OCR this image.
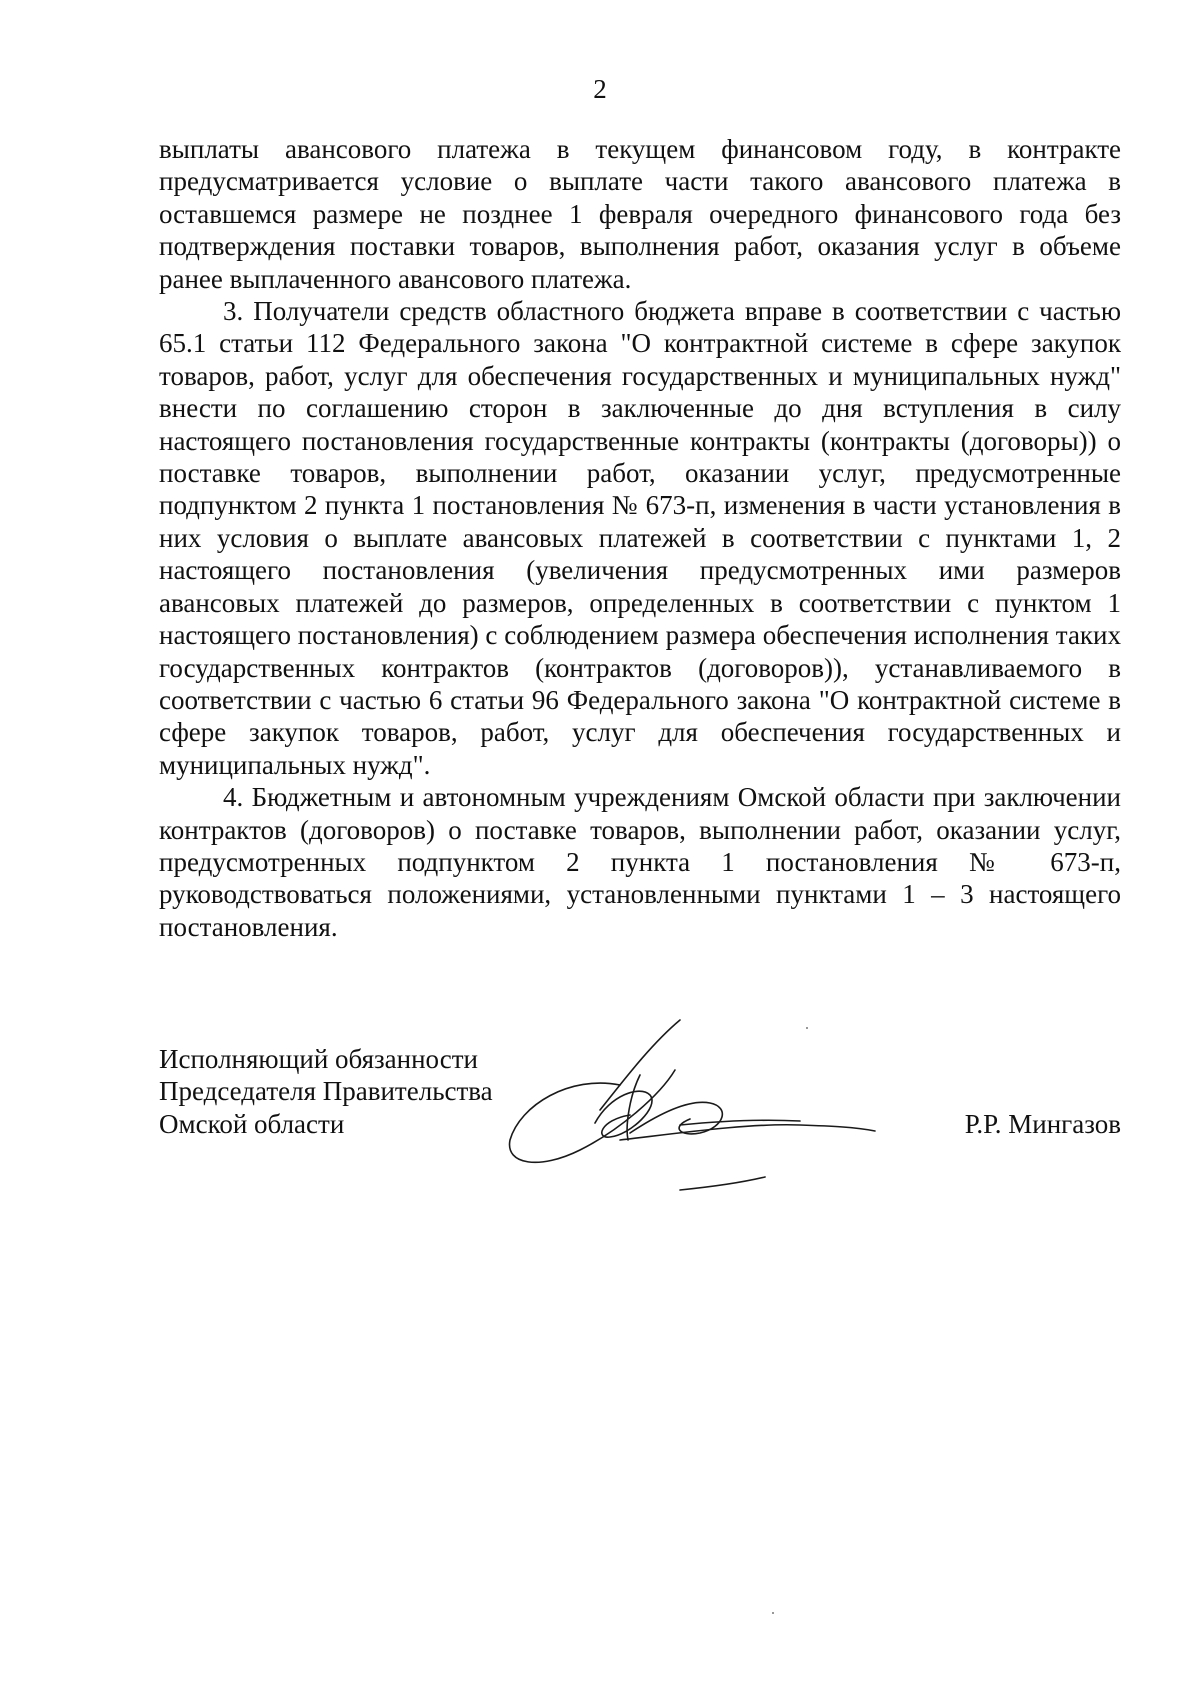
2

выплаты авансового платежа в текущем финансовом году, в контракте предусматривается условие о выплате части такого авансового платежа в оставшемся размере не позднее 1 февраля очередного финансового года без подтверждения поставки товаров, выполнения работ, оказания услуг в объеме ранее выплаченного авансового платежа.

3. Получатели средств областного бюджета вправе в соответствии с частью 65.1 статьи 112 Федерального закона "О контрактной системе в сфере закупок товаров, работ, услуг для обеспечения государственных и муниципальных нужд" внести по соглашению сторон в заключенные до дня вступления в силу настоящего постановления государственные контракты (контракты (договоры)) о поставке товаров, выполнении работ, оказании услуг, предусмотренные подпунктом 2 пункта 1 постановления № 673-п, изменения в части установления в них условия о выплате авансовых платежей в соответствии с пунктами 1, 2 настоящего постановления (увеличения предусмотренных ими размеров авансовых платежей до размеров, определенных в соответствии с пунктом 1 настоящего постановления) с соблюдением размера обеспечения исполнения таких государственных контрактов (контрактов (договоров)), устанавливаемого в соответствии с частью 6 статьи 96 Федерального закона "О контрактной системе в сфере закупок товаров, работ, услуг для обеспечения государственных и муниципальных нужд".

4. Бюджетным и автономным учреждениям Омской области при заключении контрактов (договоров) о поставке товаров, выполнении работ, оказании услуг, предусмотренных подпунктом 2 пункта 1 постановления № 673-п, руководствоваться положениями, установленными пунктами 1 – 3 настоящего постановления.

Исполняющий обязанности
Председателя Правительства
Омской области	Р.Р. Мингазов
